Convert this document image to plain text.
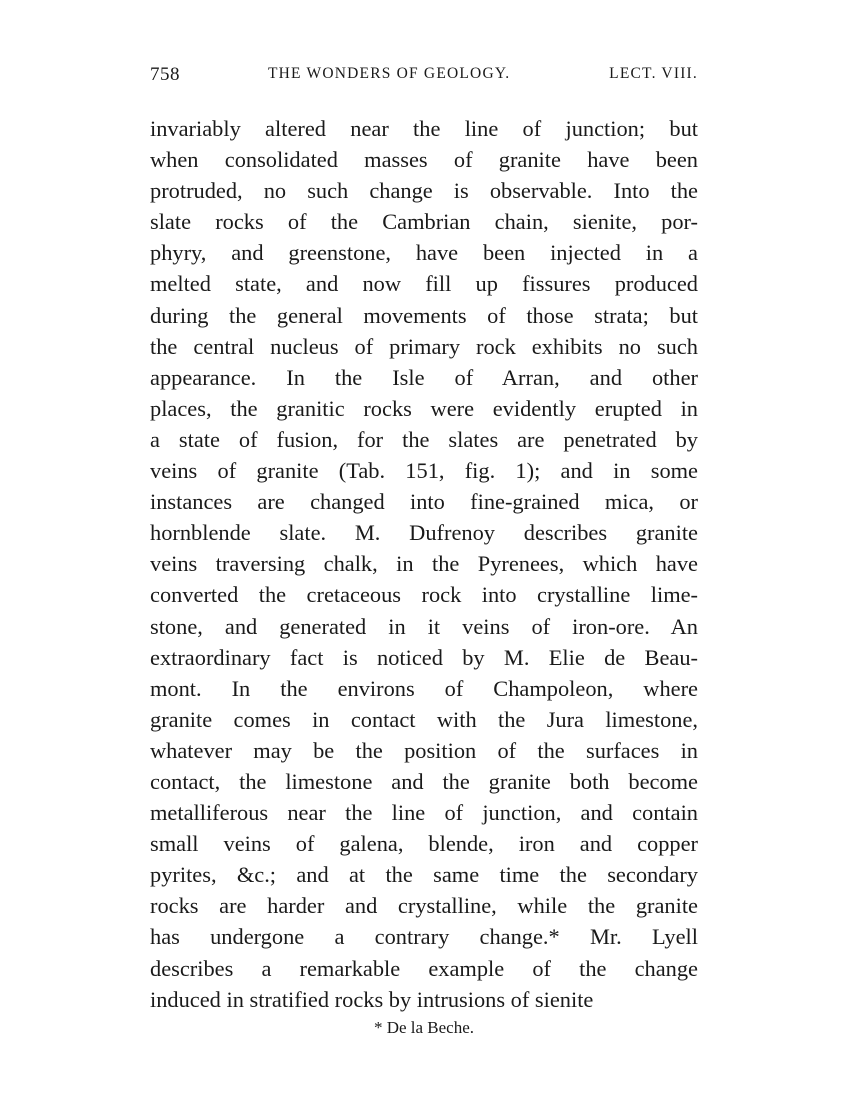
758	THE WONDERS OF GEOLOGY.	LECT. VIII.
invariably altered near the line of junction; but
when consolidated masses of granite have been
protruded, no such change is observable. Into the
slate rocks of the Cambrian chain, sienite, por-
phyry, and greenstone, have been injected in a
melted state, and now fill up fissures produced
during the general movements of those strata; but
the central nucleus of primary rock exhibits no such
appearance. In the Isle of Arran, and other
places, the granitic rocks were evidently erupted in
a state of fusion, for the slates are penetrated by
veins of granite (Tab. 151, fig. 1); and in some
instances are changed into fine-grained mica, or
hornblende slate. M. Dufrenoy describes granite
veins traversing chalk, in the Pyrenees, which have
converted the cretaceous rock into crystalline lime-
stone, and generated in it veins of iron-ore. An
extraordinary fact is noticed by M. Elie de Beau-
mont. In the environs of Champoleon, where
granite comes in contact with the Jura limestone,
whatever may be the position of the surfaces in
contact, the limestone and the granite both become
metalliferous near the line of junction, and contain
small veins of galena, blende, iron and copper
pyrites, &c.; and at the same time the secondary
rocks are harder and crystalline, while the granite
has undergone a contrary change.* Mr. Lyell
describes a remarkable example of the change
induced in stratified rocks by intrusions of sienite
* De la Beche.
